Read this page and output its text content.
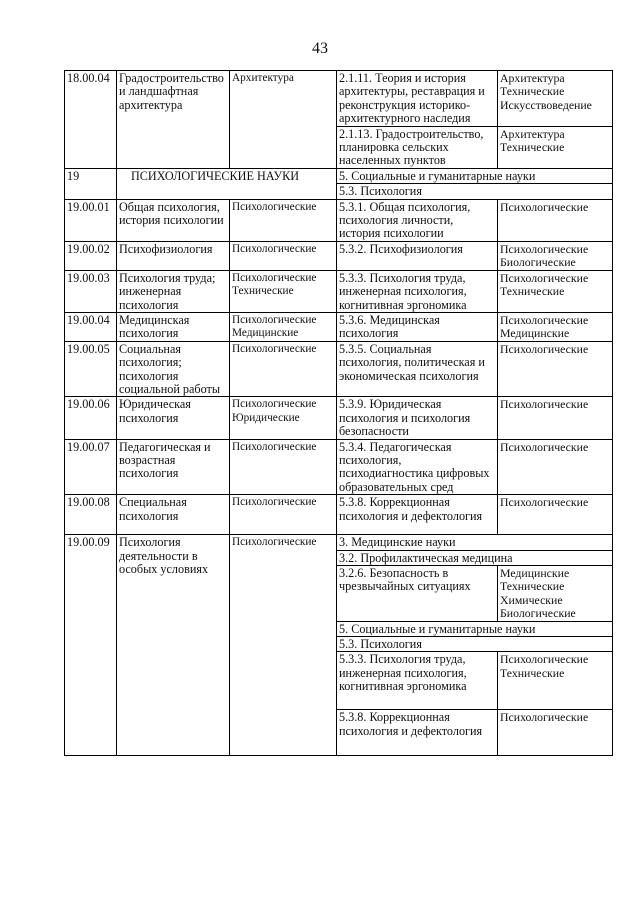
43
18.00.04	Градостроительство и ландшафтная архитектура	Архитектура	2.1.11. Теория и история архитектуры, реставрация и реконструкция историко-архитектурного наследия	Архитектура Технические Искусствоведение
			2.1.13. Градостроительство, планировка сельских населенных пунктов	Архитектура Технические
19	ПСИХОЛОГИЧЕСКИЕ НАУКИ		5. Социальные и гуманитарные науки	
			5.3. Психология	
19.00.01	Общая психология, история психологии	Психологические	5.3.1. Общая психология, психология личности, история психологии	Психологические
19.00.02	Психофизиология	Психологические	5.3.2. Психофизиология	Психологические Биологические
19.00.03	Психология труда; инженерная психология	Психологические Технические	5.3.3. Психология труда, инженерная психология, когнитивная эргономика	Психологические Технические
19.00.04	Медицинская психология	Психологические Медицинские	5.3.6. Медицинская психология	Психологические Медицинские
19.00.05	Социальная психология; психология социальной работы	Психологические	5.3.5. Социальная психология, политическая и экономическая психология	Психологические
19.00.06	Юридическая психология	Психологические Юридические	5.3.9. Юридическая психология и психология безопасности	Психологические
19.00.07	Педагогическая и возрастная психология	Психологические	5.3.4. Педагогическая психология, психодиагностика цифровых образовательных сред	Психологические
19.00.08	Специальная психология	Психологические	5.3.8. Коррекционная психология и дефектология	Психологические
19.00.09	Психология деятельности в особых условиях	Психологические	3. Медицинские науки	
			3.2. Профилактическая медицина	
			3.2.6. Безопасность в чрезвычайных ситуациях	Медицинские Технические Химические Биологические
			5. Социальные и гуманитарные науки	
			5.3. Психология	
			5.3.3. Психология труда, инженерная психология, когнитивная эргономика	Психологические Технические
			5.3.8. Коррекционная психология и дефектология	Психологические
